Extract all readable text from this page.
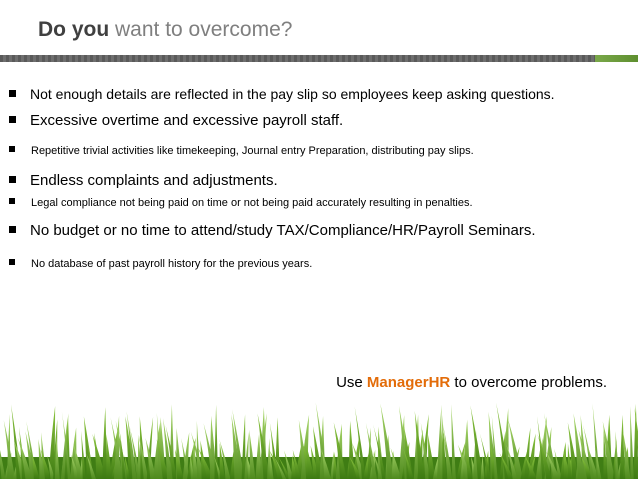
Do you want to overcome?
Not enough details are reflected in the pay slip so employees keep asking questions.
Excessive overtime and excessive payroll staff.
Repetitive trivial activities like timekeeping, Journal entry Preparation, distributing pay slips.
Endless complaints and adjustments.
Legal compliance not being paid on time or not being paid accurately resulting in penalties.
No budget or no time to attend/study TAX/Compliance/HR/Payroll Seminars.
No database of past payroll history for the previous years.
Use ManagerHR to overcome problems.
